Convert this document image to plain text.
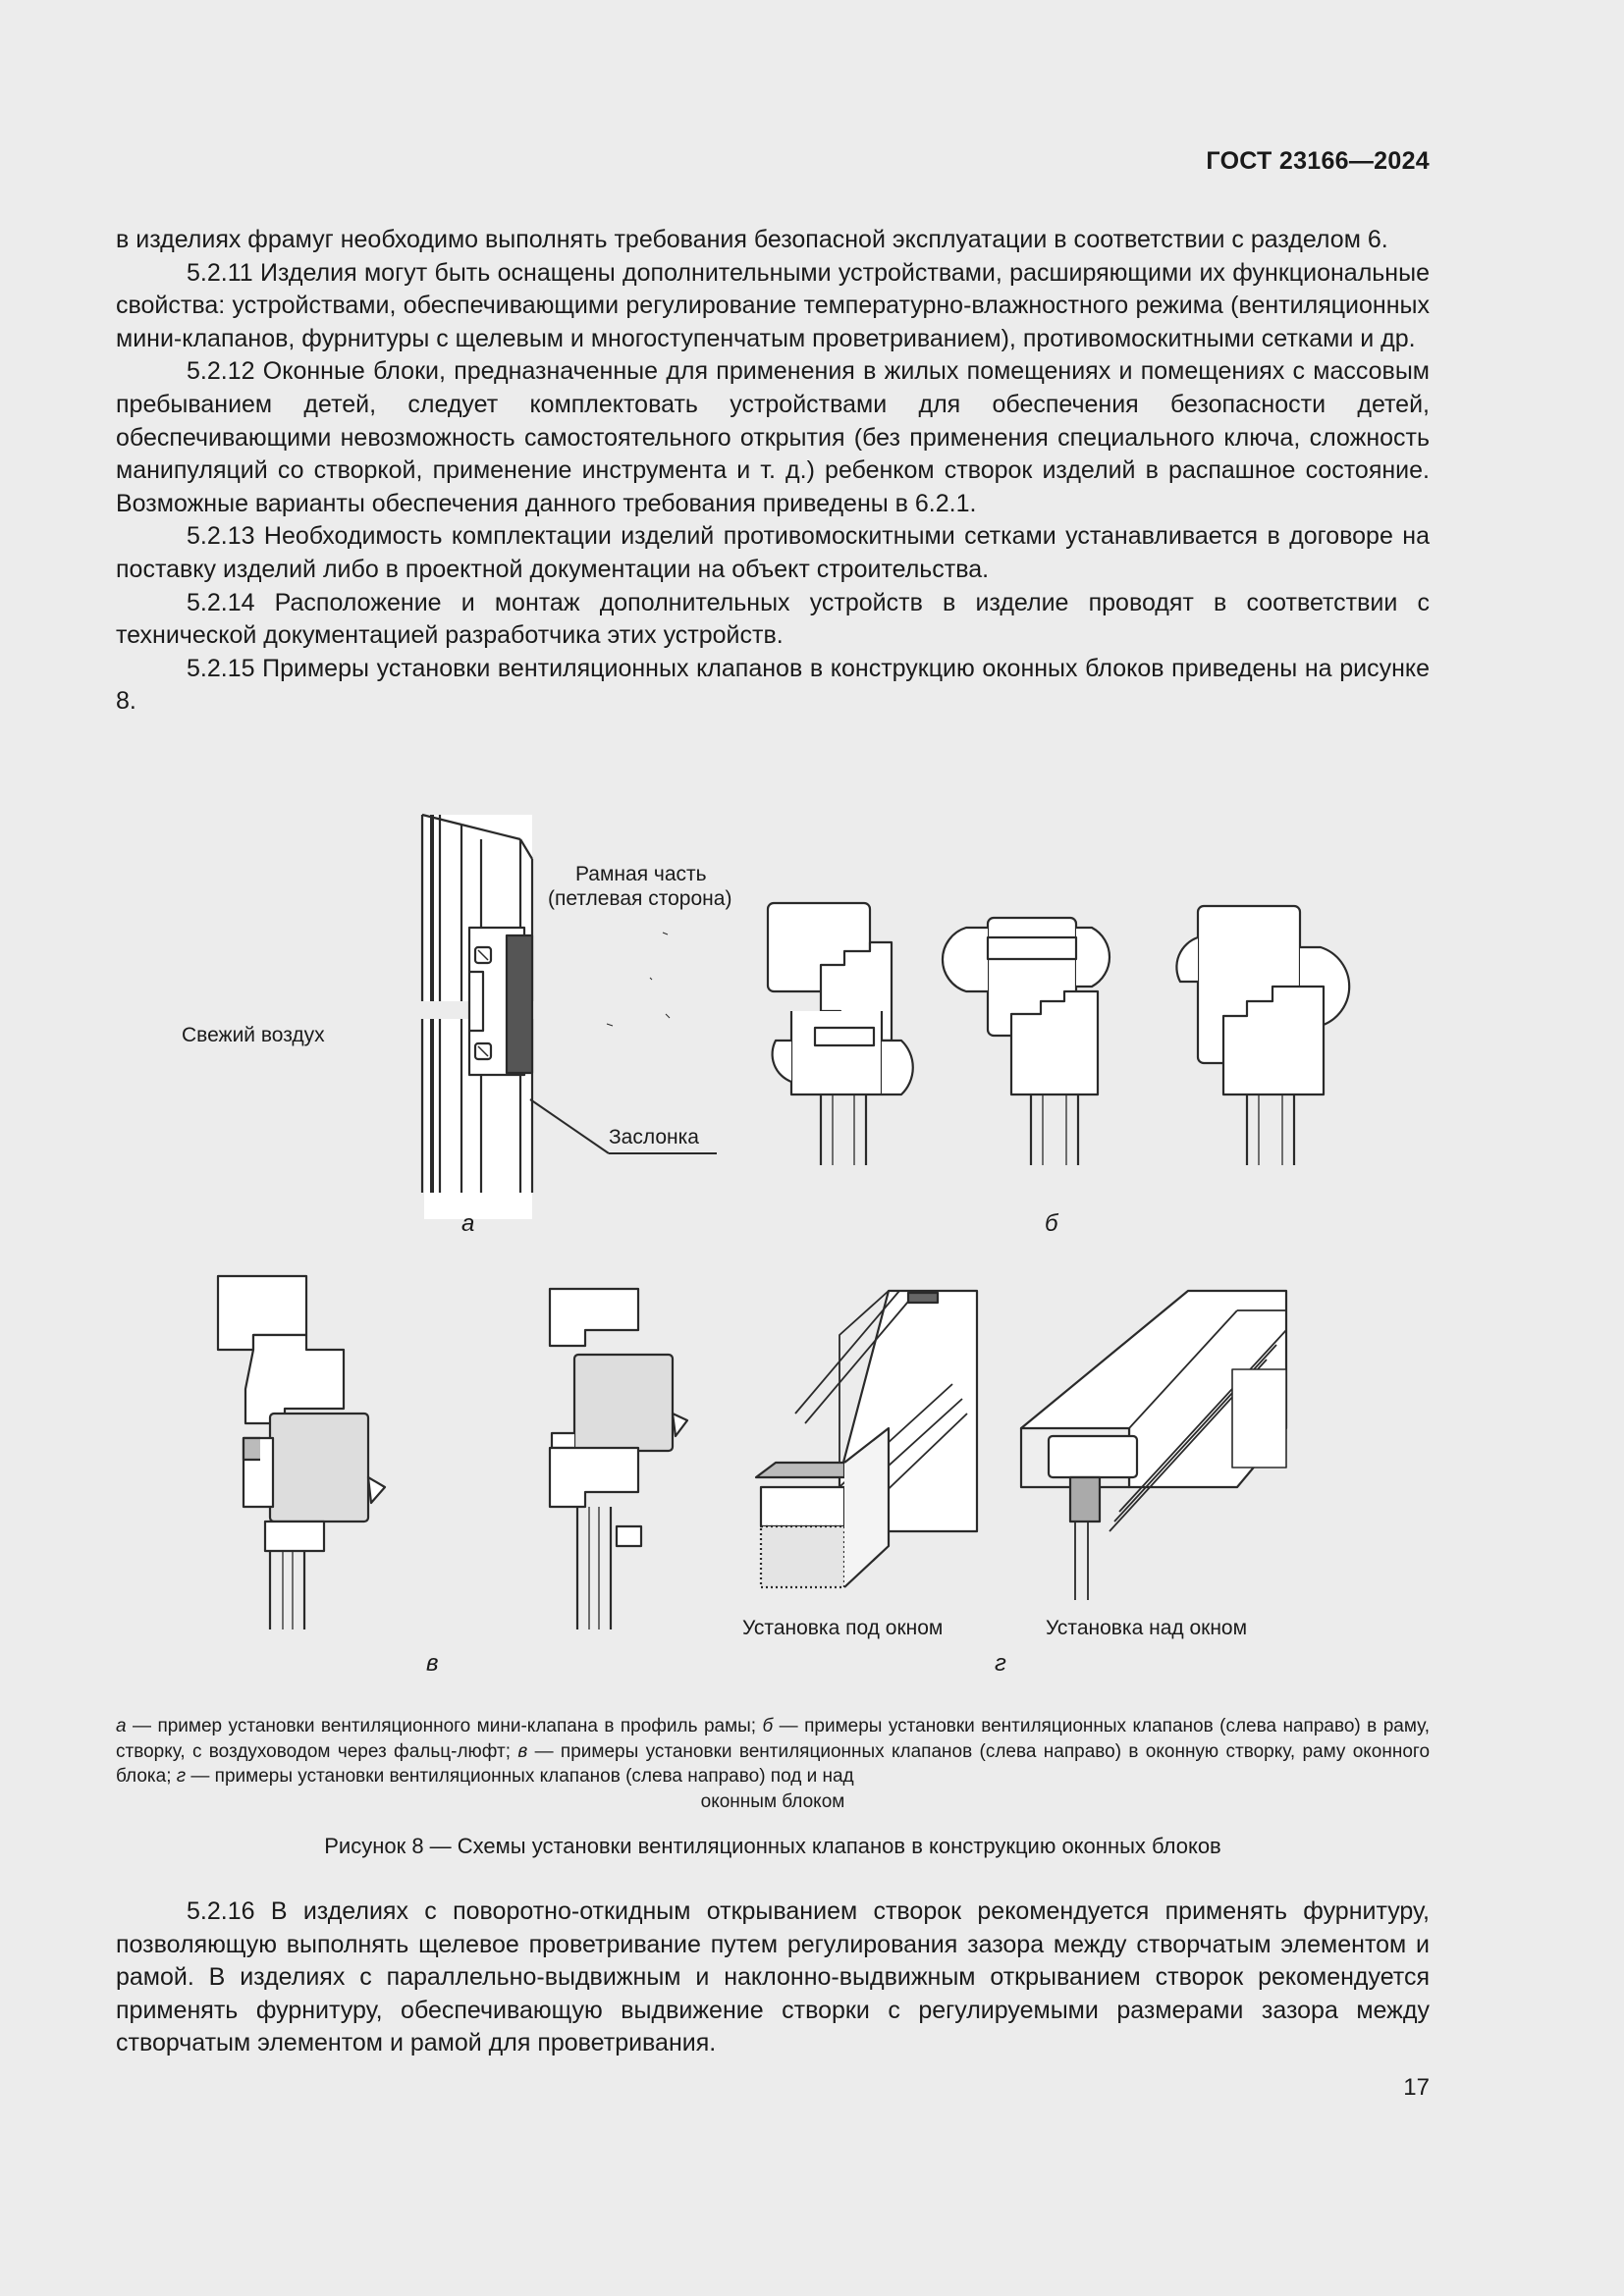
ГОСТ 23166—2024

в изделиях фрамуг необходимо выполнять требования безопасной эксплуатации в соответствии с разделом 6.

5.2.11 Изделия могут быть оснащены дополнительными устройствами, расширяющими их функциональные свойства: устройствами, обеспечивающими регулирование температурно-влажностного режима (вентиляционных мини-клапанов, фурнитуры с щелевым и многоступенчатым проветриванием), противомоскитными сетками и др.

5.2.12 Оконные блоки, предназначенные для применения в жилых помещениях и помещениях с массовым пребыванием детей, следует комплектовать устройствами для обеспечения безопасности детей, обеспечивающими невозможность самостоятельного открытия (без применения специального ключа, сложность манипуляций со створкой, применение инструмента и т. д.) ребенком створок изделий в распашное состояние. Возможные варианты обеспечения данного требования приведены в 6.2.1.

5.2.13 Необходимость комплектации изделий противомоскитными сетками устанавливается в договоре на поставку изделий либо в проектной документации на объект строительства.

5.2.14 Расположение и монтаж дополнительных устройств в изделие проводят в соответствии с технической документацией разработчика этих устройств.

5.2.15 Примеры установки вентиляционных клапанов в конструкцию оконных блоков приведены на рисунке 8.

Рамная часть
(петлевая сторона)
Свежий воздух
Заслонка
а	б
Установка под окном	Установка над окном
в	г
а — пример установки вентиляционного мини-клапана в профиль рамы; б — примеры установки вентиляционных клапанов (слева направо) в раму, створку, с воздуховодом через фальц-люфт; в — примеры установки вентиляционных клапанов (слева направо) в оконную створку, раму оконного блока; г — примеры установки вентиляционных клапанов (слева направо) под и над
оконным блоком
Рисунок 8 — Схемы установки вентиляционных клапанов в конструкцию оконных блоков

5.2.16 В изделиях с поворотно-откидным открыванием створок рекомендуется применять фурнитуру, позволяющую выполнять щелевое проветривание путем регулирования зазора между створчатым элементом и рамой. В изделиях с параллельно-выдвижным и наклонно-выдвижным открыванием створок рекомендуется применять фурнитуру, обеспечивающую выдвижение створки с регулируемыми размерами зазора между створчатым элементом и рамой для проветривания.

17
